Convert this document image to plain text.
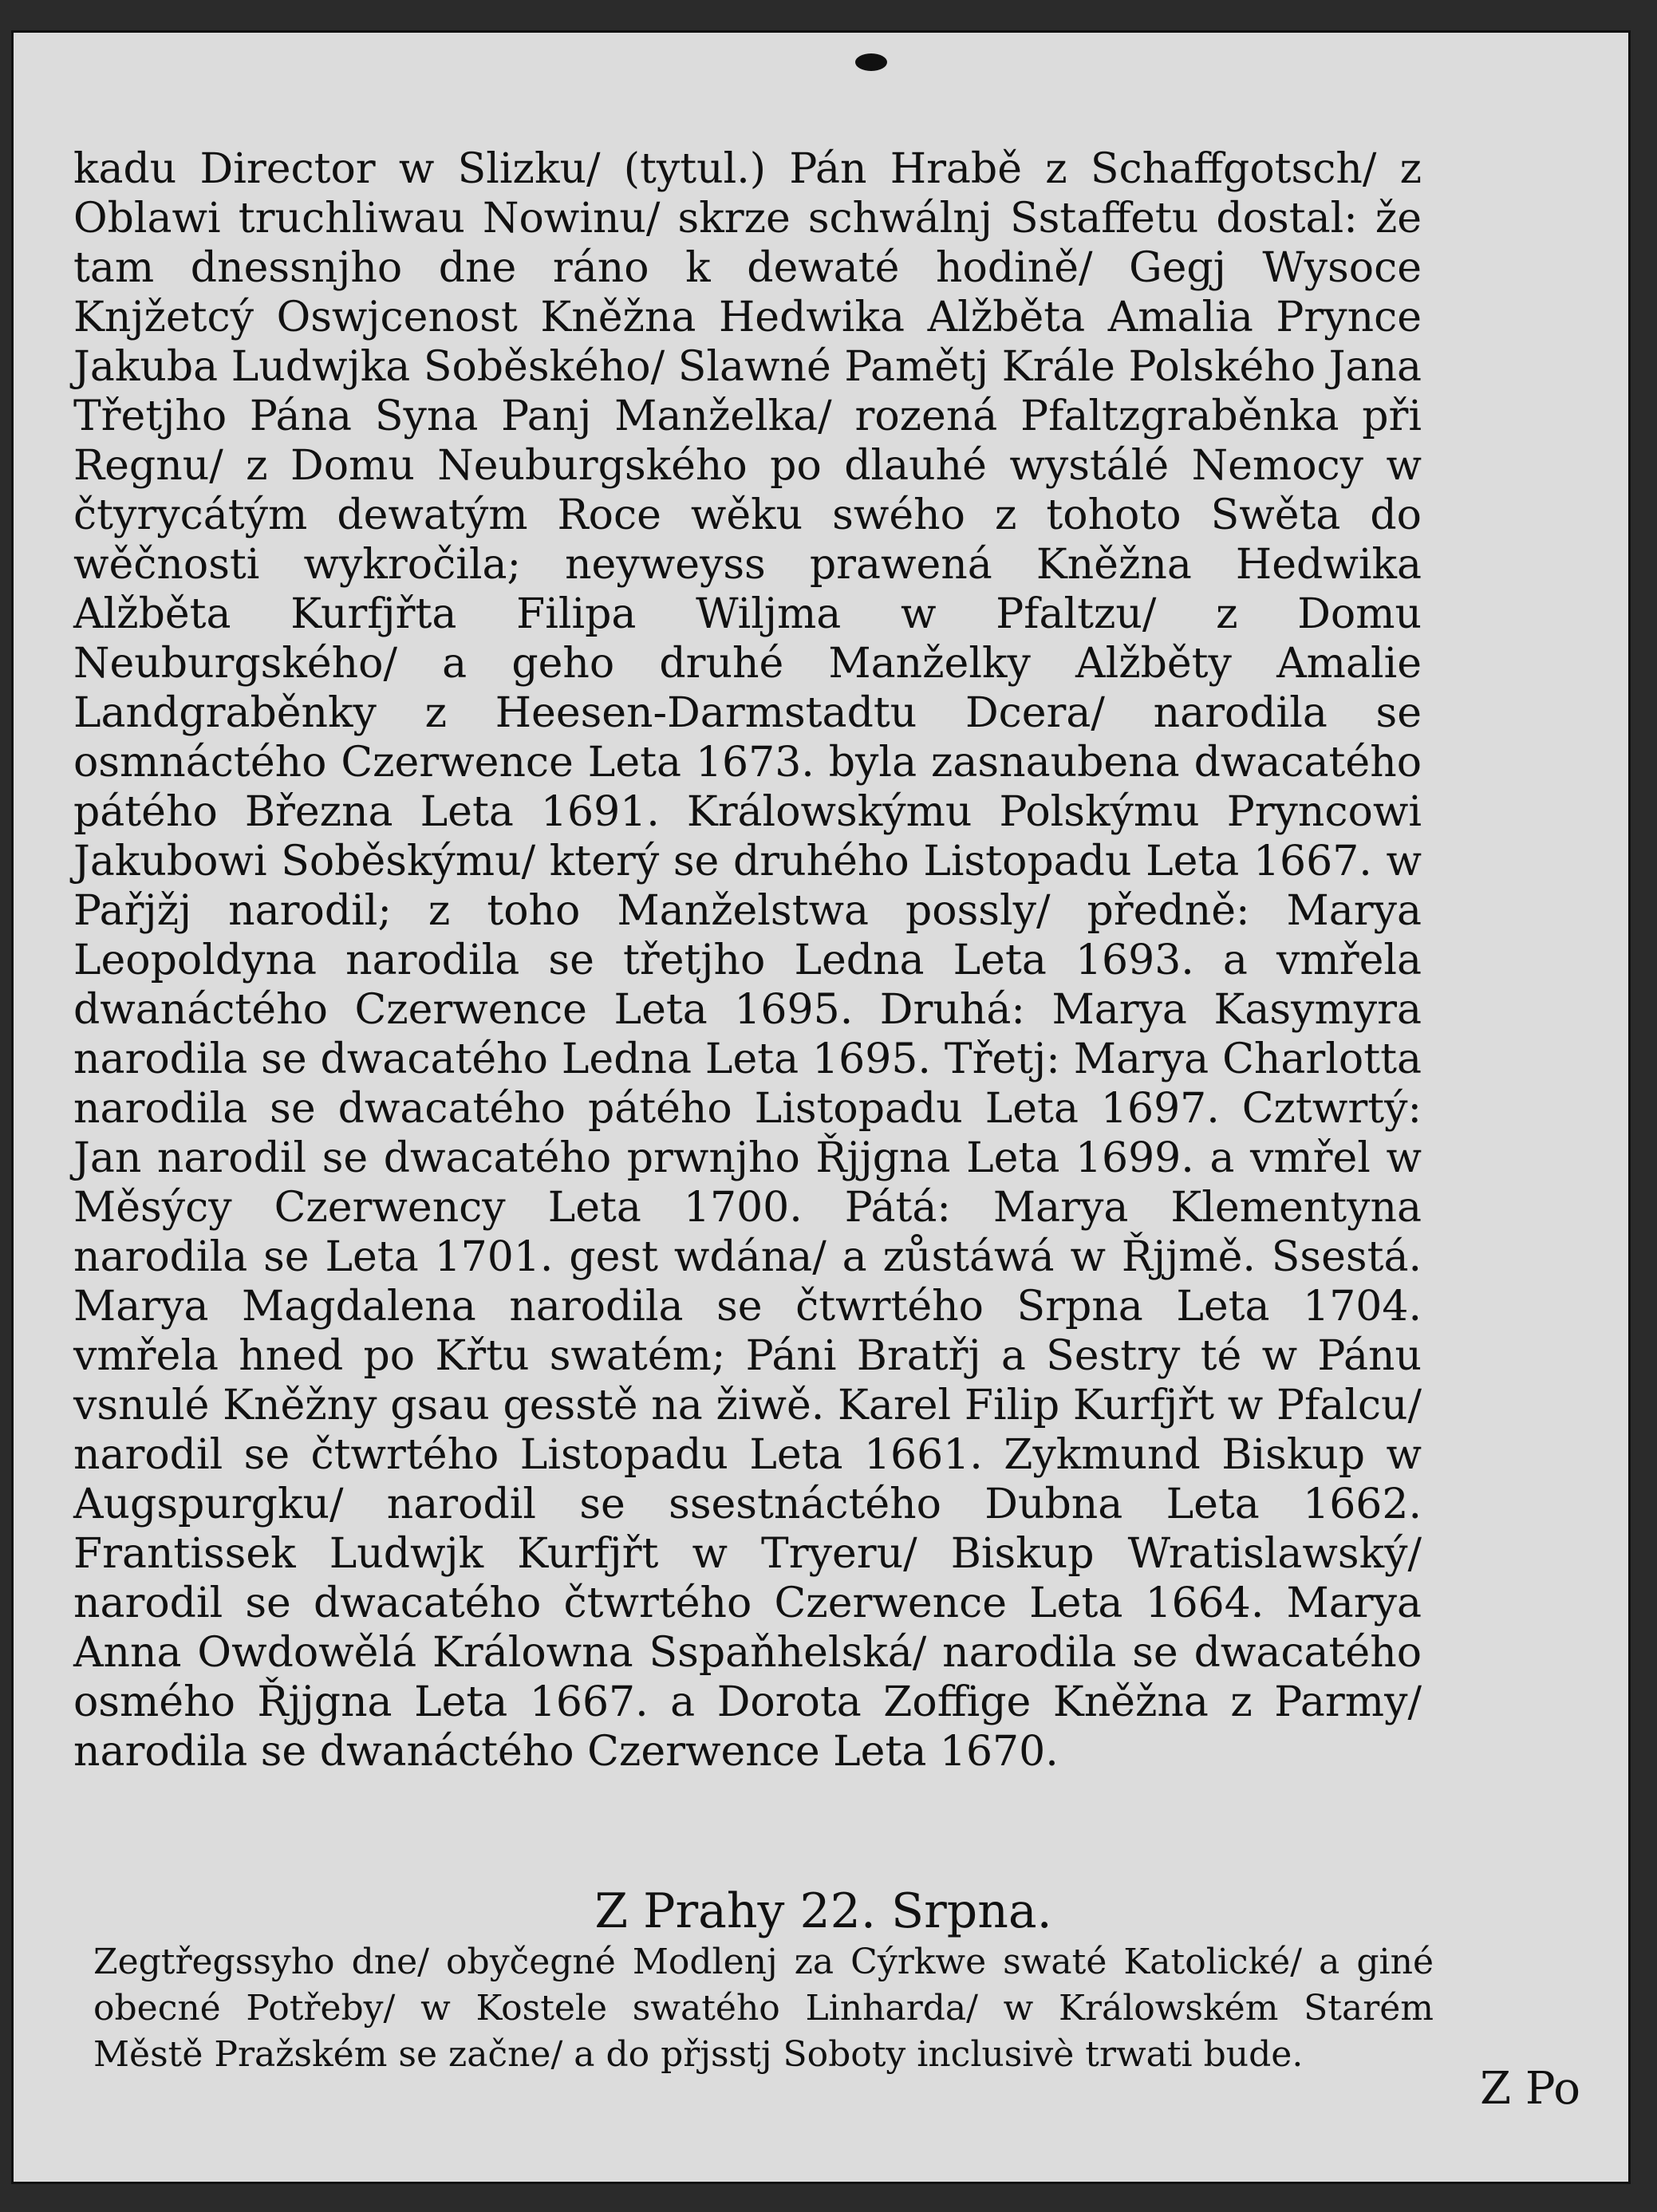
kadu Director w Slizku/ (tytul.) Pán Hrabě z Schaffgotsch/ z Oblawi truchliwau Nowinu/ skrze schwálnj Sstaffetu dostal: že tam dnessnjho dne ráno k dewaté hodině/ Gegj Wysoce Knjžetcý Oswjcenost Kněžna Hedwika Alžběta Amalia Prynce Jakuba Ludwjka Soběského/ Slawné Pamětj Krále Polského Jana Třetjho Pána Syna Panj Manželka/ rozená Pfaltzgraběnka při Regnu/ z Domu Neuburgského po dlauhé wystálé Nemocy w čtyrycátým dewatým Roce wěku swého z tohoto Swěta do wěčnosti wykročila; neyweyss prawená Kněžna Hedwika Alžběta Kurfjřta Filipa Wiljma w Pfaltzu/ z Domu Neuburgského/ a geho druhé Manželky Alžběty Amalie Landgraběnky z Heesen-Darmstadtu Dcera/ narodila se osmnáctého Czerwence Leta 1673. byla zasnaubena dwacatého pátého Března Leta 1691. Králowskýmu Polskýmu Pryncowi Jakubowi Soběskýmu/ který se druhého Listopadu Leta 1667. w Pařjžj narodil; z toho Manželstwa possly/ předně: Marya Leopoldyna narodila se třetjho Ledna Leta 1693. a vmřela dwanáctého Czerwence Leta 1695. Druhá: Marya Kasymyra narodila se dwacatého Ledna Leta 1695. Třetj: Marya Charlotta narodila se dwacatého pátého Listopadu Leta 1697. Cztwrtý: Jan narodil se dwacatého prwnjho Řjjgna Leta 1699. a vmřel w Měsýcy Czerwency Leta 1700. Pátá: Marya Klementyna narodila se Leta 1701. gest wdána/ a zůstáwá w Řjjmě. Ssestá. Marya Magdalena narodila se čtwrtého Srpna Leta 1704. vmřela hned po Křtu swatém; Páni Bratřj a Sestry té w Pánu vsnulé Kněžny gsau gesstě na žiwě. Karel Filip Kurfjřt w Pfalcu/ narodil se čtwrtého Listopadu Leta 1661. Zykmund Biskup w Augspurgku/ narodil se ssestnáctého Dubna Leta 1662. Frantissek Ludwjk Kurfjřt w Tryeru/ Biskup Wratislawský/ narodil se dwacatého čtwrtého Czerwence Leta 1664. Marya Anna Owdowělá Králowna Sspaňhelská/ narodila se dwacatého osmého Řjjgna Leta 1667. a Dorota Zoffige Kněžna z Parmy/ narodila se dwanáctého Czerwence Leta 1670.

Z Prahy 22. Srpna.

Zegtřegssyho dne/ obyčegné Modlenj za Cýrkwe swaté Katolické/ a giné obecné Potřeby/ w Kostele swatého Linharda/ w Králowském Starém Městě Pražském se začne/ a do přjsstj Soboty inclusivè trwati bude.

Z Po
